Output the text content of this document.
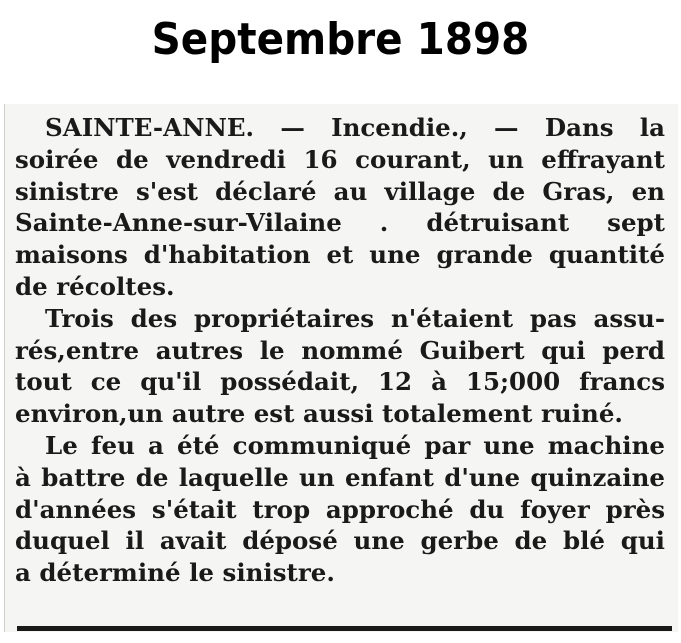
Septembre 1898
SAINTE-ANNE. — Incendie., — Dans la
soirée de vendredi 16 courant, un effrayant
sinistre s'est déclaré au village de Gras, en
Sainte-Anne-sur-Vilaine . détruisant sept
maisons d'habitation et une grande quantité
de récoltes.
Trois des propriétaires n'étaient pas assu-
rés,entre autres le nommé Guibert qui perd
tout ce qu'il possédait, 12 à 15;000 francs
environ,un autre est aussi totalement ruiné.
Le feu a été communiqué par une machine
à battre de laquelle un enfant d'une quinzaine
d'années s'était trop approché du foyer près
duquel il avait déposé une gerbe de blé qui
a déterminé le sinistre.
